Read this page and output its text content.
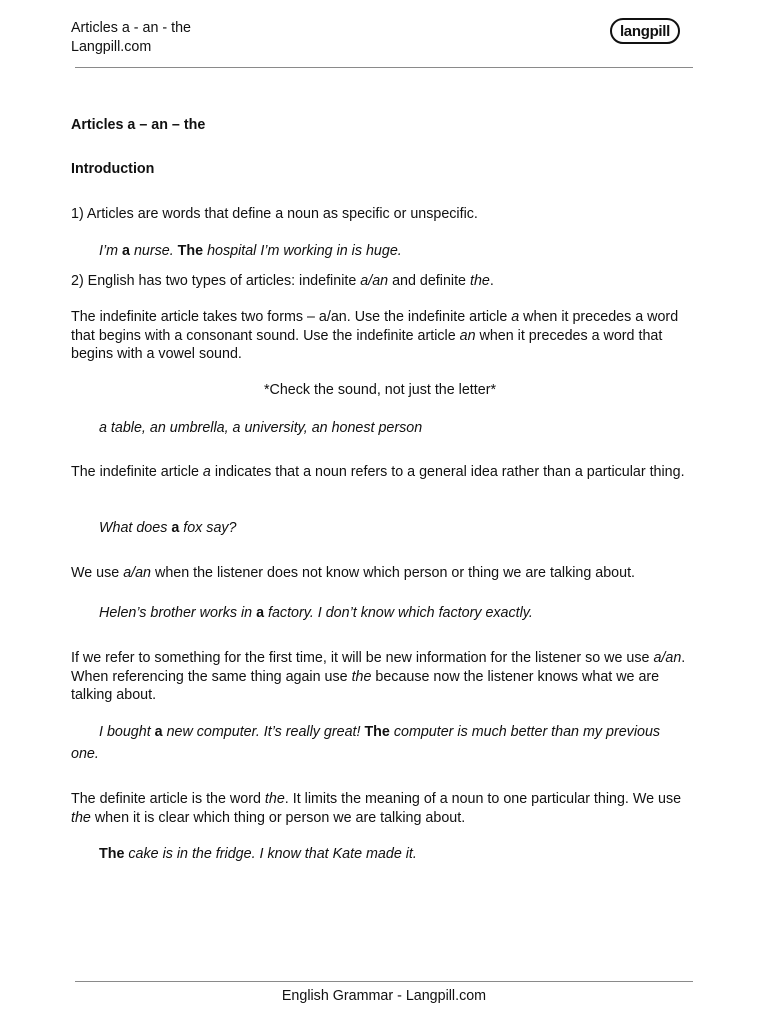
Articles a - an - the
Langpill.com
langpill
Articles a – an – the
Introduction

1) Articles are words that define a noun as specific or unspecific.

I’m a nurse. The hospital I’m working in is huge.

2) English has two types of articles: indefinite a/an and definite the.

The indefinite article takes two forms – a/an. Use the indefinite article a when it precedes a word that begins with a consonant sound. Use the indefinite article an when it precedes a word that begins with a vowel sound.

*Check the sound, not just the letter*

a table, an umbrella, a university, an honest person

The indefinite article a indicates that a noun refers to a general idea rather than a particular thing.

What does a fox say?

We use a/an when the listener does not know which person or thing we are talking about.

Helen’s brother works in a factory. I don’t know which factory exactly.

If we refer to something for the first time, it will be new information for the listener so we use a/an. When referencing the same thing again use the because now the listener knows what we are talking about.

I bought a new computer. It’s really great! The computer is much better than my previous

one.

The definite article is the word the. It limits the meaning of a noun to one particular thing. We use the when it is clear which thing or person we are talking about.

The cake is in the fridge. I know that Kate made it.

English Grammar - Langpill.com
